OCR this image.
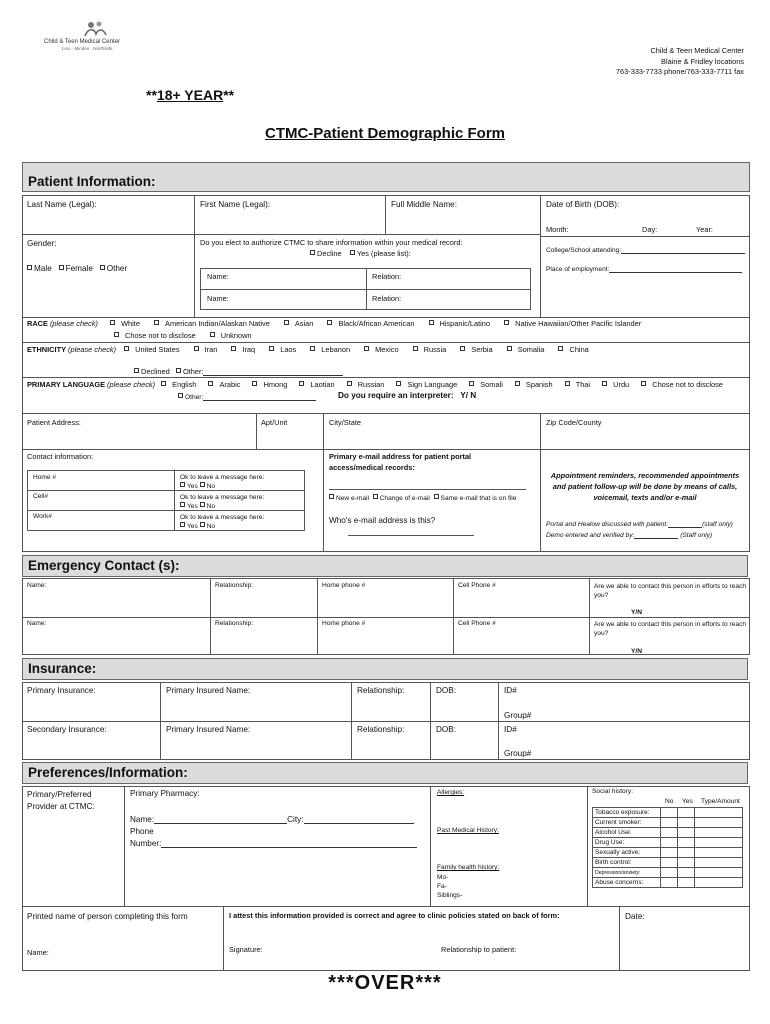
Child & Teen Medical Center
Lino · Minden · Northside	Child & Teen Medical Center
Blaine & Fridley locations
763-333-7733 phone/763-333-7711 fax
**18+ YEAR**
CTMC-Patient Demographic Form
Patient Information:
Last Name (Legal):	First Name (Legal):	Full Middle Name:	Date of Birth (DOB):
Month:	Day:	Year:
Gender:
Male Female Other
Do you elect to authorize CTMC to share information within your medical record:
Decline Yes (please list):
Name:	Relation:
Name:	Relation:
College/School attending:
Place of employment:
RACE (please check)	White	American Indian/Alaskan Native	Asian	Black/African American	Hispanic/Latino	Native Hawaiian/Other Pacific Islander
Chose not to disclose	Unknown
ETHNICITY (please check)	United States	Iran	Iraq	Laos	Lebanon	Mexico	Russia	Serbia	Somalia	China
Declined Other:
PRIMARY LANGUAGE (please check) English	Arabic	Hmong	Laotian	Russian	Sign Language	Somali	Spanish	Thai	Urdu	Chose not to disclose
Other:	Do you require an interpreter:   Y/ N
Patient Address:	Apt/Unit	City/State	Zip Code/County
Contact information:
Home #	Ok to leave a message here:
Yes No
Cell#	Ok to leave a message here:
Yes No
Work#	Ok to leave a message here:
Yes No
Primary e-mail address for patient portal access/medical records:
New e-mail Change of e-mail Same e-mail that is on file
Who's e-mail address is this?
Appointment reminders, recommended appointments and patient follow-up will be done by means of calls, voicemail, texts and/or e-mail
Portal and Healow discussed with patient:	(staff only)
Demo entered and verified by:	(Staff only)
Emergency Contact (s):
Name:	Relationship:	Home phone #	Cell Phone #	Are we able to contact this person in efforts to reach you?
Y/N
Name:	Relationship:	Home phone #	Cell Phone #	Are we able to contact this person in efforts to reach you?
Y/N
Insurance:
Primary Insurance:	Primary Insured Name:	Relationship:	DOB:	ID#
Group#
Secondary Insurance:	Primary Insured Name:	Relationship:	DOB:	ID#
Group#
Preferences/Information:
Primary/Preferred Provider at CTMC:
Primary Pharmacy:
Name:	City:
Phone
Number:
Allergies:
Past Medical History:
Family health history:
Mo-
Fa-
Siblings-
Social history:
No Yes Type/Amount
Tobacco exposure:			
Current smoker:			
Alcohol Use:			
Drug Use:			
Sexually active:			
Birth control:			
Depression/anxiety:			
Abuse concerns:			
Printed name of person completing this form	I attest this information provided is correct and agree to clinic policies stated on back of form:	Date:
Name:	Signature:	Relationship to patient:
***OVER***
